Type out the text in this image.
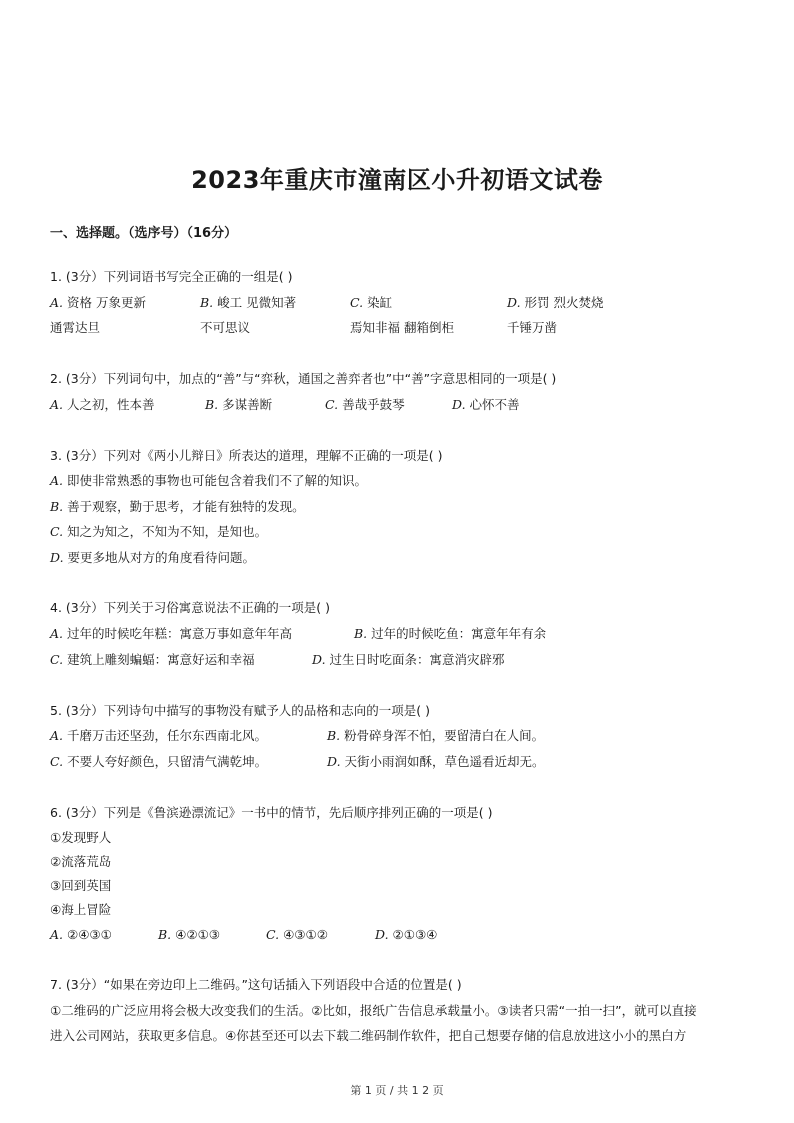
2023年重庆市潼南区小升初语文试卷
一、选择题。（选序号）（16分）
1. (3分）下列词语书写完全正确的一组是( )
A. 资格 万象更新	B. 峻工 见微知著	C. 染缸	D. 形罚 烈火焚烧
通霄达旦	不可思议	焉知非福 翻箱倒柜	千锤万凿
2. (3分）下列词句中，加点的“善”与“弈秋，通国之善弈者也”中“善”字意思相同的一项是( )
A. 人之初，性本善	B. 多谋善断	C. 善哉乎鼓琴	D. 心怀不善
3. (3分）下列对《两小儿辩日》所表达的道理，理解不正确的一项是( )
A. 即使非常熟悉的事物也可能包含着我们不了解的知识。
B. 善于观察，勤于思考，才能有独特的发现。
C. 知之为知之，不知为不知，是知也。
D. 要更多地从对方的角度看待问题。
4. (3分）下列关于习俗寓意说法不正确的一项是( )
A. 过年的时候吃年糕：寓意万事如意年年高	B. 过年的时候吃鱼：寓意年年有余
C. 建筑上雕刻蝙蝠：寓意好运和幸福	D. 过生日时吃面条：寓意消灾辟邪
5. (3分）下列诗句中描写的事物没有赋予人的品格和志向的一项是( )
A. 千磨万击还坚劲，任尔东西南北风。	B. 粉骨碎身浑不怕，要留清白在人间。
C. 不要人夸好颜色，只留清气满乾坤。	D. 天街小雨润如酥，草色遥看近却无。
6. (3分）下列是《鲁滨逊漂流记》一书中的情节，先后顺序排列正确的一项是( )
①发现野人
②流落荒岛
③回到英国
④海上冒险
A. ②④③①	B. ④②①③	C. ④③①②	D. ②①③④
7. (3分）“如果在旁边印上二维码。”这句话插入下列语段中合适的位置是( )
①二维码的广泛应用将会极大改变我们的生活。②比如，报纸广告信息承载量小。③读者只需“一拍一扫”，就可以直接
进入公司网站，获取更多信息。④你甚至还可以去下载二维码制作软件，把自己想要存储的信息放进这小小的黑白方
第 1 页 / 共 1 2 页
